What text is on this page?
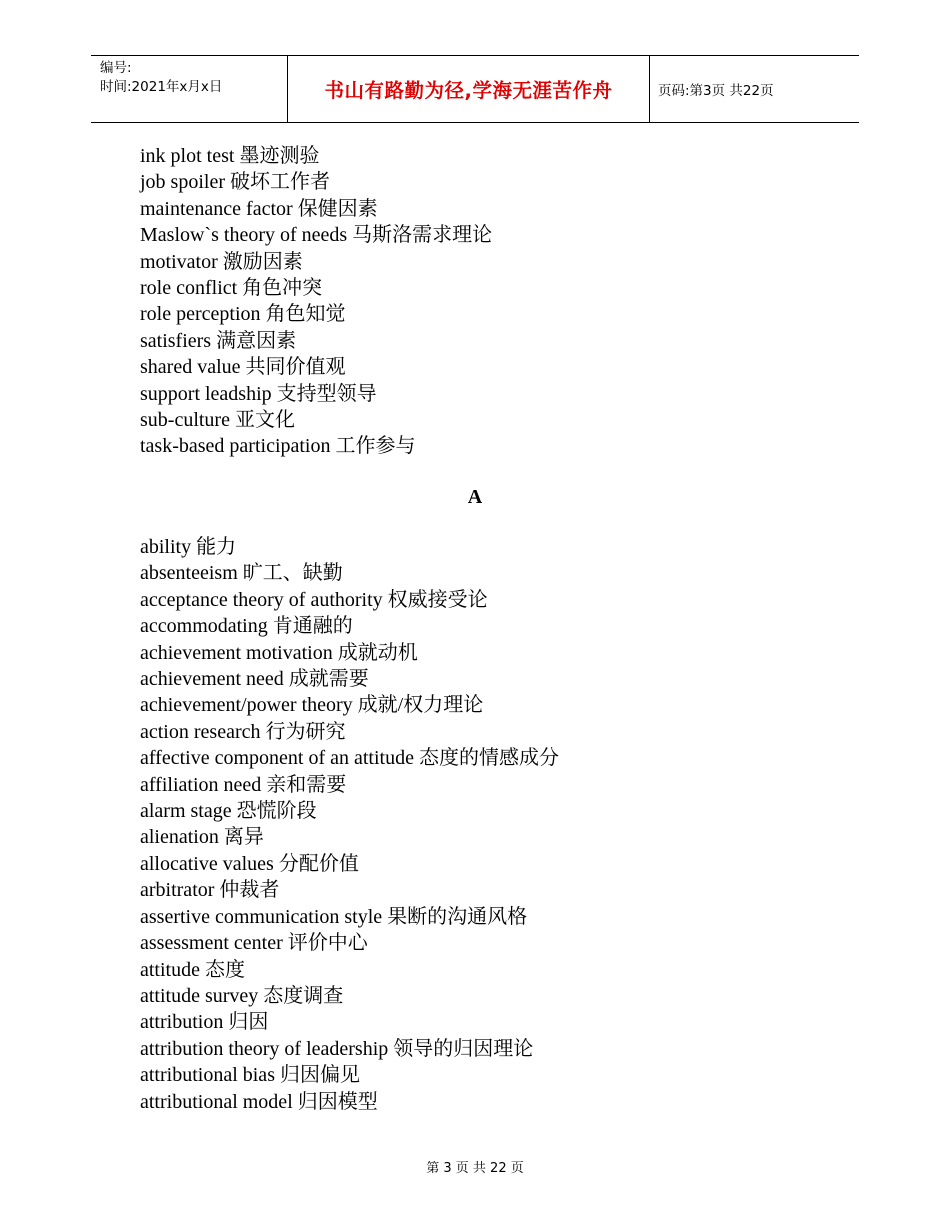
编号:
时间:2021年x月x日	书山有路勤为径,学海无涯苦作舟	页码:第3页 共22页
ink plot test 墨迹测验
job spoiler 破坏工作者
maintenance factor 保健因素
Maslow`s theory of needs 马斯洛需求理论
motivator 激励因素
role conflict 角色冲突
role perception 角色知觉
satisfiers 满意因素
shared value 共同价值观
support leadship 支持型领导
sub-culture 亚文化
task-based participation 工作参与
A
ability 能力
absenteeism 旷工、缺勤
acceptance theory of authority 权威接受论
accommodating 肯通融的
achievement motivation 成就动机
achievement need 成就需要
achievement/power theory 成就/权力理论
action research 行为研究
affective component of an attitude 态度的情感成分
affiliation need 亲和需要
alarm stage 恐慌阶段
alienation 离异
allocative values 分配价值
arbitrator 仲裁者
assertive communication style 果断的沟通风格
assessment center 评价中心
attitude 态度
attitude survey 态度调查
attribution 归因
attribution theory of leadership 领导的归因理论
attributional bias 归因偏见
attributional model 归因模型
第 3 页 共 22 页
